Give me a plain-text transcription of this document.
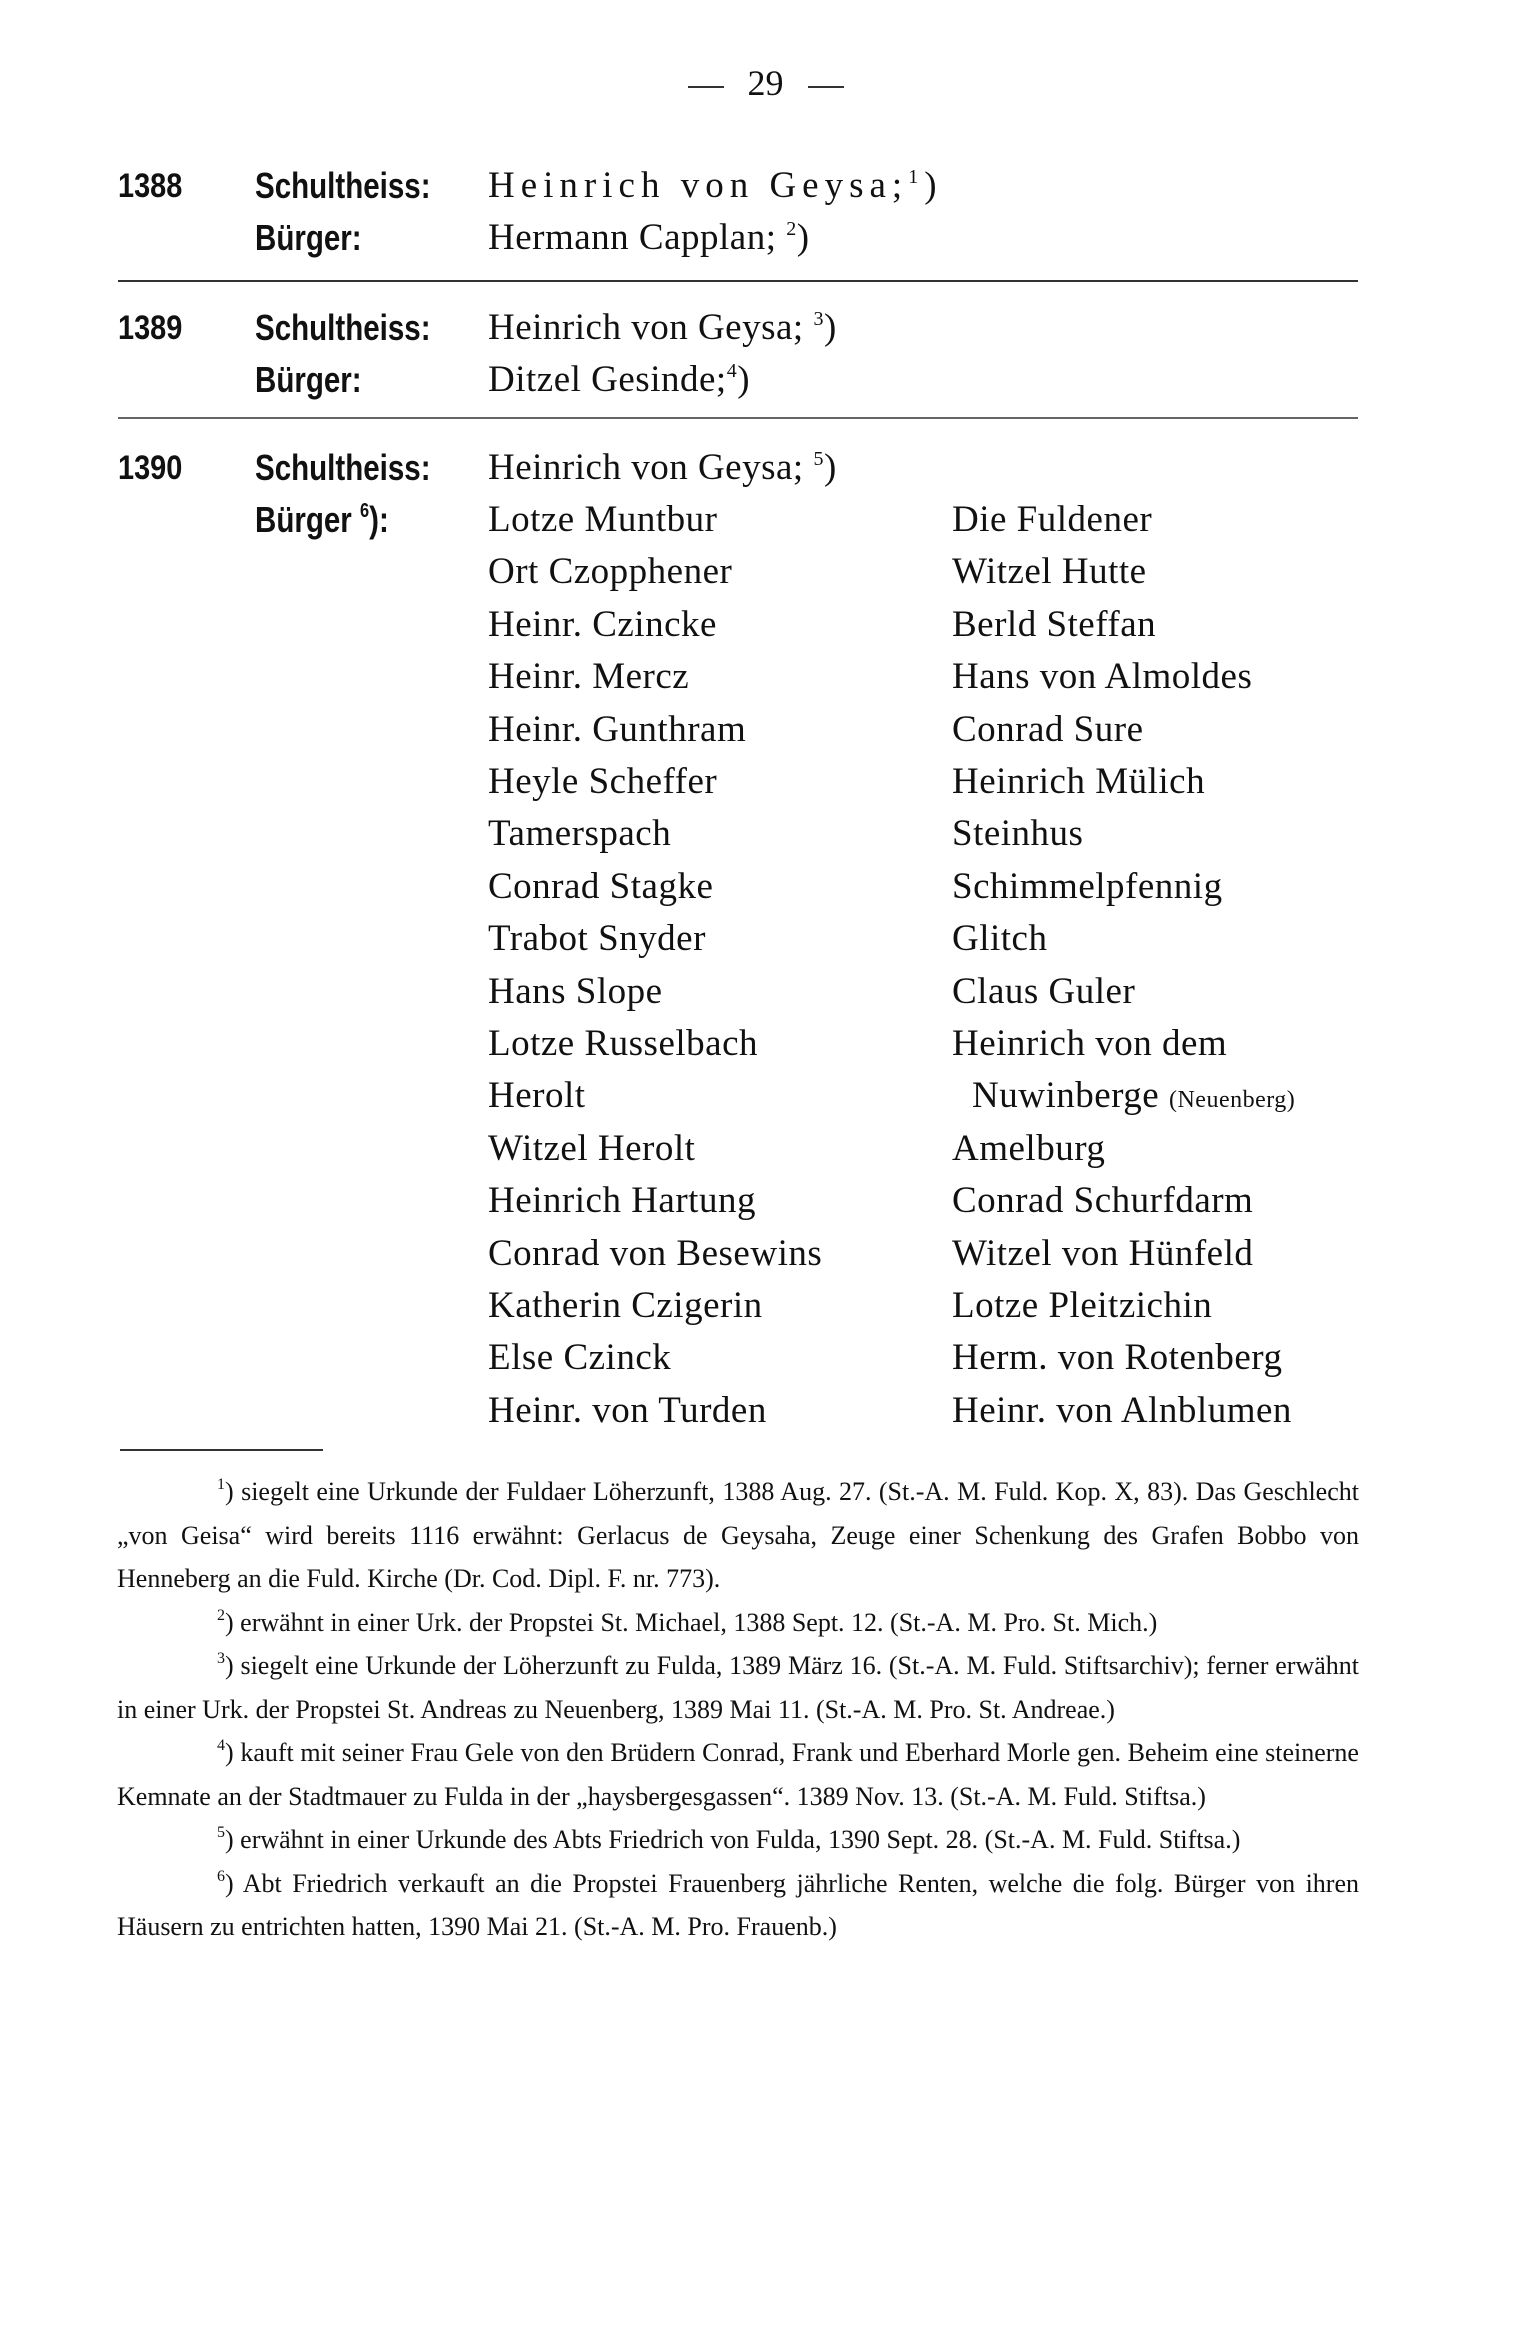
29
1388 Schultheiss: Heinrich von Geysa;$^1$)
Bürger:	Hermann Capplan; $^2$)
1389 Schultheiss: Heinrich von Geysa; $^3$)
Bürger:	Ditzel Gesinde;$^4$)
1390 Schultheiss: Heinrich von Geysa; $^5$)
Bürger $^6$):	Lotze Muntbur	Die Fuldener
Ort Czopphener	Witzel Hutte
Heinr. Czincke	Berld Steffan
Heinr. Mercz	Hans von Almoldes
Heinr. Gunthram	Conrad Sure
Heyle Scheffer	Heinrich Mülich
Tamerspach	Steinhus
Conrad Stagke	Schimmelpfennig
Trabot Snyder	Glitch
Hans Slope	Claus Guler
Lotze Russelbach	Heinrich von dem
Herolt	Nuwinberge (Neuenberg)
Witzel Herolt	Amelburg
Heinrich Hartung	Conrad Schurfdarm
Conrad von Besewins	Witzel von Hünfeld
Katherin Czigerin	Lotze Pleitzichin
Else Czinck	Herm. von Rotenberg
Heinr. von Turden	Heinr. von Alnblumen

$^1$) siegelt eine Urkunde der Fuldaer Löherzunft, 1388 Aug. 27. (St.-A. M. Fuld. Kop. X, 83). Das Geschlecht „von Geisa“ wird bereits 1116 erwähnt: Gerlacus de Geysaha, Zeuge einer Schenkung des Grafen Bobbo von Henneberg an die Fuld. Kirche (Dr. Cod. Dipl. F. nr. 773).

$^2$) erwähnt in einer Urk. der Propstei St. Michael, 1388 Sept. 12. (St.-A. M. Pro. St. Mich.)

$^3$) siegelt eine Urkunde der Löherzunft zu Fulda, 1389 März 16. (St.-A. M. Fuld. Stiftsarchiv); ferner erwähnt in einer Urk. der Propstei St. Andreas zu Neuenberg, 1389 Mai 11. (St.-A. M. Pro. St. Andreae.)

$^4$) kauft mit seiner Frau Gele von den Brüdern Conrad, Frank und Eberhard Morle gen. Beheim eine steinerne Kemnate an der Stadtmauer zu Fulda in der „haysbergesgassen“. 1389 Nov. 13. (St.-A. M. Fuld. Stiftsa.)

$^5$) erwähnt in einer Urkunde des Abts Friedrich von Fulda, 1390 Sept. 28. (St.-A. M. Fuld. Stiftsa.)

$^6$) Abt Friedrich verkauft an die Propstei Frauenberg jährliche Renten, welche die folg. Bürger von ihren Häusern zu entrichten hatten, 1390 Mai 21. (St.-A. M. Pro. Frauenb.)
